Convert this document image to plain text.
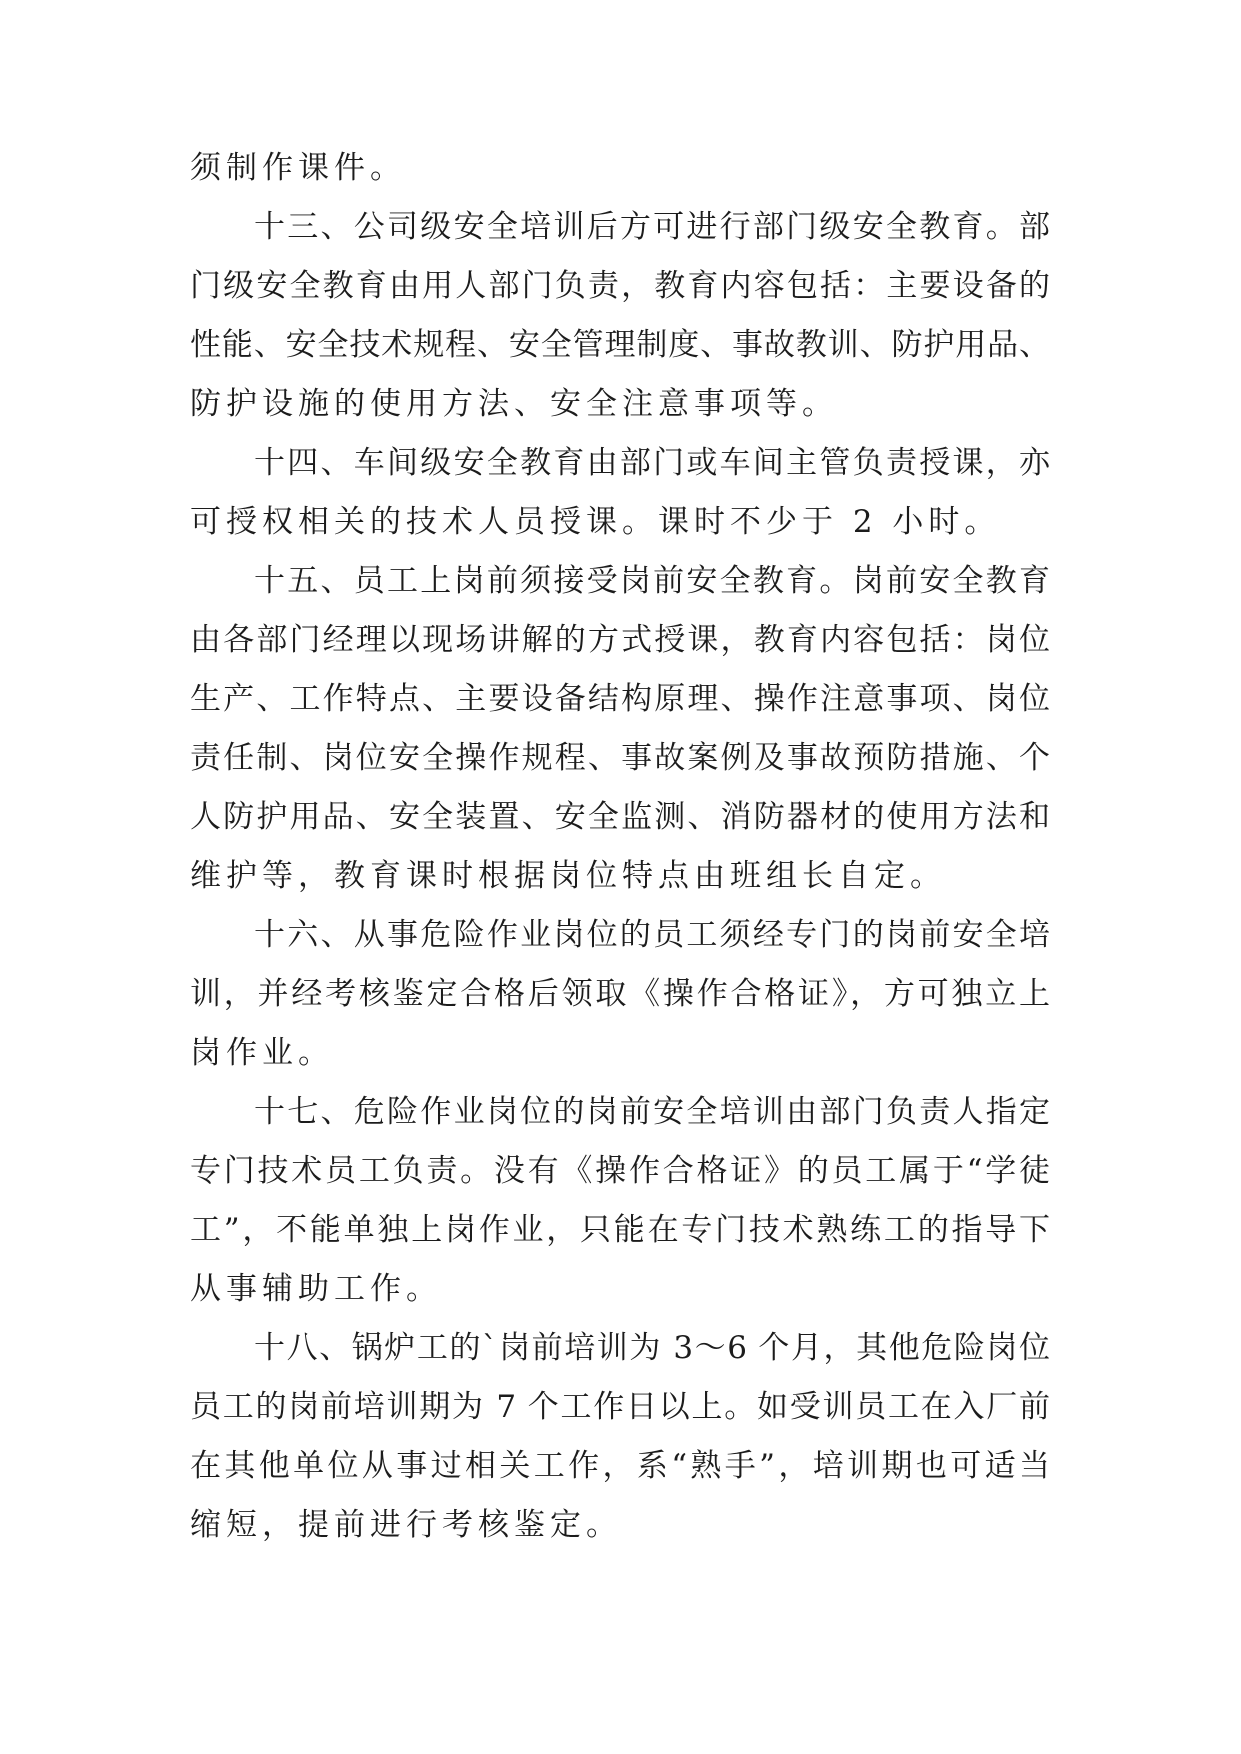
须制作课件。
十三、公司级安全培训后方可进行部门级安全教育。部
门级安全教育由用人部门负责，教育内容包括：主要设备的
性能、安全技术规程、安全管理制度、事故教训、防护用品、
防护设施的使用方法、安全注意事项等。
十四、车间级安全教育由部门或车间主管负责授课，亦
可授权相关的技术人员授课。课时不少于 2 小时。
十五、员工上岗前须接受岗前安全教育。岗前安全教育
由各部门经理以现场讲解的方式授课，教育内容包括：岗位
生产、工作特点、主要设备结构原理、操作注意事项、岗位
责任制、岗位安全操作规程、事故案例及事故预防措施、个
人防护用品、安全装置、安全监测、消防器材的使用方法和
维护等，教育课时根据岗位特点由班组长自定。
十六、从事危险作业岗位的员工须经专门的岗前安全培
训，并经考核鉴定合格后领取《操作合格证》，方可独立上
岗作业。
十七、危险作业岗位的岗前安全培训由部门负责人指定
专门技术员工负责。没有《操作合格证》的员工属于“学徒
工”，不能单独上岗作业，只能在专门技术熟练工的指导下
从事辅助工作。
十八、锅炉工的`岗前培训为 3～6 个月，其他危险岗位
员工的岗前培训期为 7 个工作日以上。如受训员工在入厂前
在其他单位从事过相关工作，系“熟手”，培训期也可适当
缩短，提前进行考核鉴定。
